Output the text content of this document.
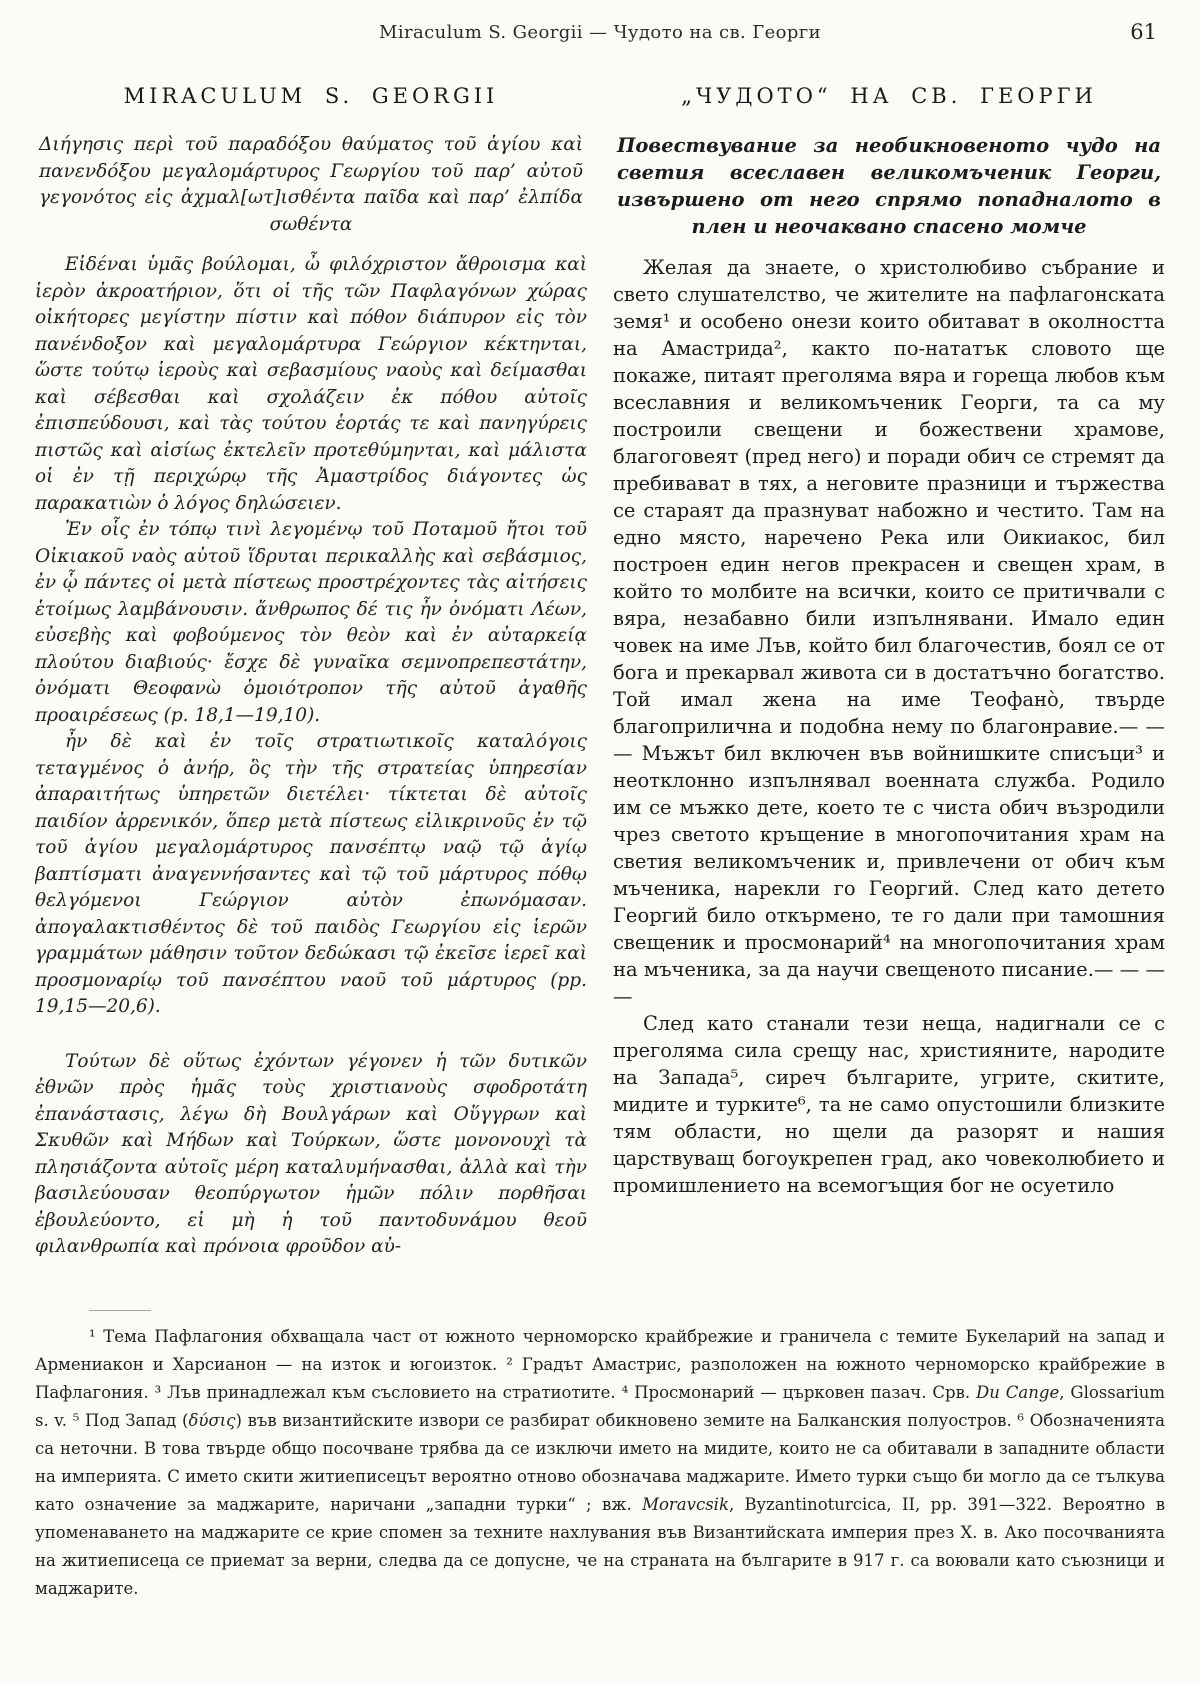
Miraculum S. Georgii — Чудото на св. Георги	61
MIRACULUM S. GEORGII

Διήγησις περὶ τοῦ παραδόξου θαύματος τοῦ ἁγίου καὶ πανενδόξου μεγαλομάρτυρος Γεωργίου τοῦ παρ’ αὐτοῦ γεγονότος εἰς ἀχμαλ[ωτ]ισθέντα παῖδα καὶ παρ’ ἐλπίδα σωθέντα

Εἰδέναι ὑμᾶς βούλομαι, ὦ φιλόχριστον ἄθροισμα καὶ ἱερὸν ἀκροατήριον, ὅτι οἱ τῆς τῶν Παφλαγόνων χώρας οἰκήτορες μεγίστην πίστιν καὶ πόθον διάπυρον εἰς τὸν πανένδοξον καὶ μεγαλομάρτυρα Γεώργιον κέκτηνται, ὥστε τούτῳ ἱεροὺς καὶ σεβασμίους ναοὺς καὶ δείμασθαι καὶ σέβεσθαι καὶ σχολάζειν ἐκ πόθου αὐτοῖς ἐπισπεύδουσι, καὶ τὰς τούτου ἑορτάς τε καὶ πανηγύρεις πιστῶς καὶ αἰσίως ἐκτελεῖν προτεθύμηνται, καὶ μάλιστα οἱ ἐν τῇ περιχώρῳ τῆς Ἀμαστρίδος διάγοντες ὡς παρακατιὼν ὁ λόγος δηλώσειεν.

Ἐν οἷς ἐν τόπῳ τινὶ λεγομένῳ τοῦ Ποταμοῦ ἤτοι τοῦ Οἰκιακοῦ ναὸς αὐτοῦ ἵδρυται περικαλλὴς καὶ σεβάσμιος, ἐν ᾧ πάντες οἱ μετὰ πίστεως προστρέχοντες τὰς αἰτήσεις ἑτοίμως λαμβάνουσιν. ἄνθρωπος δέ τις ἦν ὀνόματι Λέων, εὐσεβὴς καὶ φοβούμενος τὸν θεὸν καὶ ἐν αὐταρκείᾳ πλούτου διαβιούς· ἔσχε δὲ γυναῖκα σεμνοπρεπεστάτην, ὀνόματι Θεοφανὼ ὁμοιότροπον τῆς αὐτοῦ ἀγαθῆς προαιρέσεως (p. 18,1—19,10).

ἦν δὲ καὶ ἐν τοῖς στρατιωτικοῖς καταλόγοις τεταγμένος ὁ ἀνήρ, ὃς τὴν τῆς στρατείας ὑπηρεσίαν ἀπαραιτήτως ὑπηρετῶν διετέλει· τίκτεται δὲ αὐτοῖς παιδίον ἀρρενικόν, ὅπερ μετὰ πίστεως εἰλικρινοῦς ἐν τῷ τοῦ ἁγίου μεγαλομάρτυρος πανσέπτῳ ναῷ τῷ ἁγίῳ βαπτίσματι ἀναγεννήσαντες καὶ τῷ τοῦ μάρτυρος πόθῳ θελγόμενοι Γεώργιον αὐτὸν ἐπωνόμασαν. ἀπογαλακτισθέντος δὲ τοῦ παιδὸς Γεωργίου εἰς ἱερῶν γραμμάτων μάθησιν τοῦτον δεδώκασι τῷ ἐκεῖσε ἱερεῖ καὶ προσμοναρίῳ τοῦ πανσέπτου ναοῦ τοῦ μάρτυρος (pp. 19,15—20,6).

Τούτων δὲ οὕτως ἐχόντων γέγονεν ἡ τῶν δυτικῶν ἐθνῶν πρὸς ἡμᾶς τοὺς χριστιανοὺς σφοδροτάτη ἐπανάστασις, λέγω δὴ Βουλγάρων καὶ Οὕγγρων καὶ Σκυθῶν καὶ Μήδων καὶ Τούρκων, ὥστε μονονουχὶ τὰ πλησιάζοντα αὐτοῖς μέρη καταλυμήνασθαι, ἀλλὰ καὶ τὴν βασιλεύουσαν θεοπύργωτον ἡμῶν πόλιν πορθῆσαι ἐβουλεύοντο, εἰ μὴ ἡ τοῦ παντοδυνάμου θεοῦ φιλανθρωπία καὶ πρόνοια φροῦδον αὐ-

„ЧУДОТО“ НА СВ. ГЕОРГИ

Повествувание за необикновеното чудо на светия всеславен великомъченик Георги, извършено от него спрямо попадналото в плен и неочаквано спасено момче

Желая да знаете, о христолюбиво събрание и свето слушателство, че жителите на пафлагонската земя¹ и особено онези които обитават в околността на Амастрида², както по-нататък словото ще покаже, питаят преголяма вяра и гореща любов към всеславния и великомъченик Георги, та са му построили свещени и божествени храмове, благоговеят (пред него) и поради обич се стремят да пребивават в тях, а неговите празници и тържества се стараят да празнуват набожно и честито. Там на едно място, наречено Река или Оикиакос, бил построен един негов прекрасен и свещен храм, в който то молбите на всички, които се притичвали с вяра, незабавно били изпълнявани. Имало един човек на име Лъв, който бил благочестив, боял се от бога и прекарвал живота си в достатъчно богатство. Той имал жена на име Теофанò, твърде благоприлична и подобна нему по благонравие.— — — Мъжът бил включен във войнишките списъци³ и неотклонно изпълнявал военната служба. Родило им се мъжко дете, което те с чиста обич възродили чрез светото кръщение в многопочитания храм на светия великомъченик и, привлечени от обич към мъченика, нарекли го Георгий. След като детето Георгий било откърмено, те го дали при тамошния свещеник и просмонарий⁴ на многопочитания храм на мъченика, за да научи свещеното писание.— — — —

След като станали тези неща, надигнали се с преголяма сила срещу нас, християните, народите на Запада⁵, сиреч българите, угрите, скитите, мидите и турките⁶, та не само опустошили близките тям области, но щели да разорят и нашия царствуващ богоукрепен град, ако човеколюбието и промишлението на всемогъщия бог не осуетило

¹ Тема Пафлагония обхващала част от южното черноморско крайбрежие и граничела с темите Букеларий на запад и Армениакон и Харсианон — на изток и югоизток. ² Градът Амастрис, разположен на южното черноморско крайбрежие в Пафлагония. ³ Лъв принадлежал към съсловието на стратиотите. ⁴ Просмонарий — църковен пазач. Срв. Du Cange, Glossarium s. v. ⁵ Под Запад (δύσις) във византийските извори се разбират обикновено земите на Балканския полуостров. ⁶ Обозначенията са неточни. В това твърде общо посочване трябва да се изключи името на мидите, които не са обитавали в западните области на империята. С името скити житиеписецът вероятно отново обозначава маджарите. Името турки също би могло да се тълкува като означение за маджарите, наричани „западни турки“ ; вж. Moravcsik, Byzantinoturcica, II, pp. 391—322. Вероятно в упоменаването на маджарите се крие спомен за техните нахлувания във Византийската империя през X. в. Ако посочванията на житиеписеца се приемат за верни, следва да се допусне, че на страната на българите в 917 г. са воювали като съюзници и маджарите.
